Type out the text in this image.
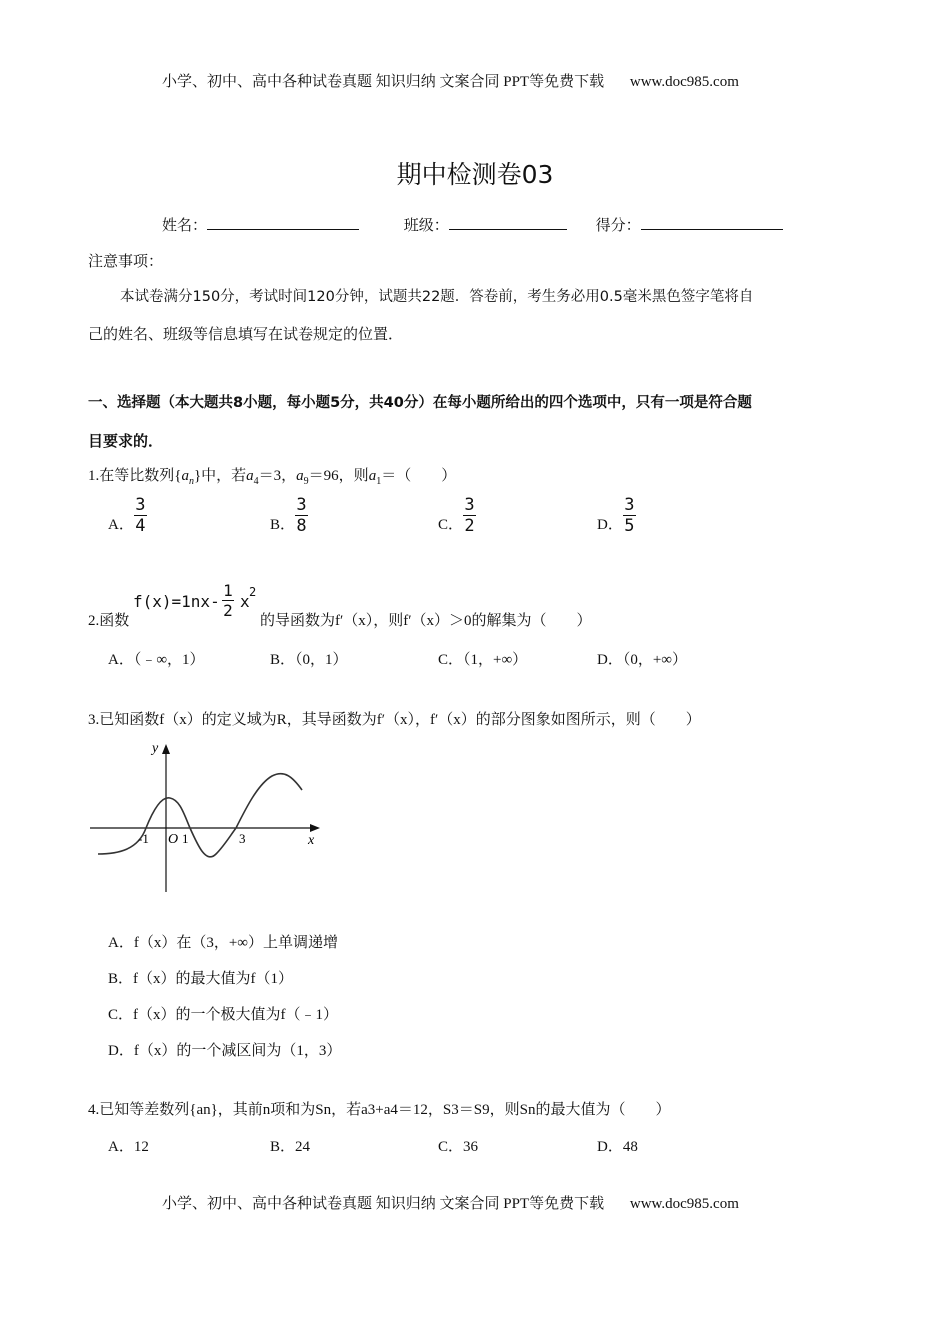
小学、初中、高中各种试卷真题 知识归纳 文案合同 PPT等免费下载 www.doc985.com
期中检测卷03
姓名：	班级：	得分：
注意事项：
本试卷满分150分，考试时间120分钟，试题共22题．答卷前，考生务必用0.5毫米黑色签字笔将自
己的姓名、班级等信息填写在试卷规定的位置．
一、选择题（本大题共8小题，每小题5分，共40分）在每小题所给出的四个选项中，只有一项是符合题
目要求的．
1.在等比数列$\{a_n\}$中，若$a_4=3$，$a_9=96$，则$a_1=$（　　）
A． $\frac{3}{4}$	B． $\frac{3}{8}$	C． $\frac{3}{2}$	D． $\frac{3}{5}$
2.函数
f(x)=1nx-
1
2 x 2
的导函数为f′（x），则f′（x）＞0的解集为（　　）
A．（﹣∞，1）	B．（0，1）	C．（1，+∞）	D．（0，+∞）
3.已知函数f（x）的定义域为R，其导函数为f′（x），f′（x）的部分图象如图所示，则（　　）
y
x
-1 O 1	3
A．f（x）在（3，+∞）上单调递增
B．f（x）的最大值为f（1）
C．f（x）的一个极大值为f（﹣1）
D．f（x）的一个减区间为（1，3）
4.已知等差数列{an}，其前n项和为Sn，若a3+a4＝12，S3＝S9，则Sn的最大值为（　　）
A．12	B．24	C．36	D．48
小学、初中、高中各种试卷真题 知识归纳 文案合同 PPT等免费下载 www.doc985.com
